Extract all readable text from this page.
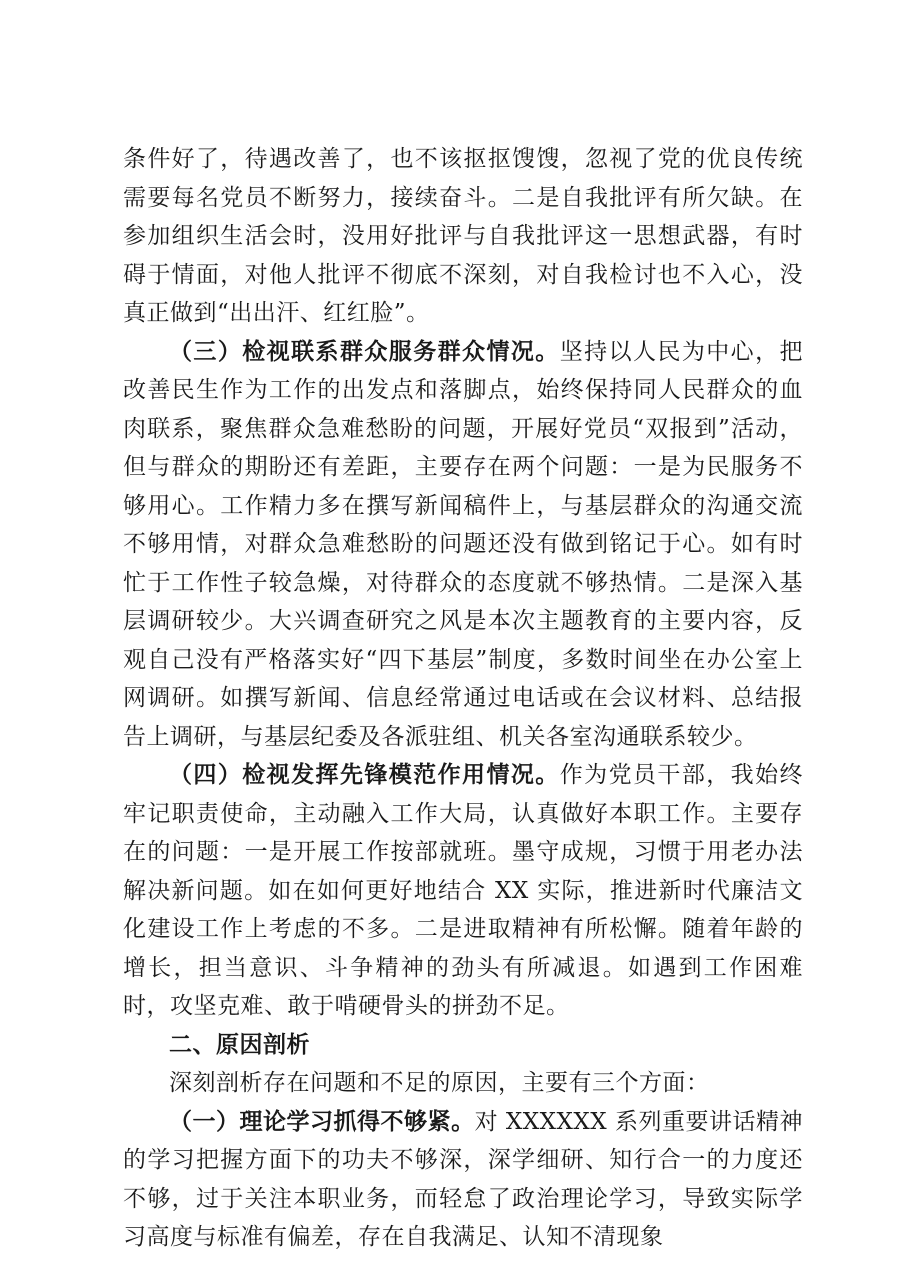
条件好了，待遇改善了，也不该抠抠馊馊，忽视了党的优良传统需要每名党员不断努力，接续奋斗。二是自我批评有所欠缺。在参加组织生活会时，没用好批评与自我批评这一思想武器，有时碍于情面，对他人批评不彻底不深刻，对自我检讨也不入心，没真正做到“出出汗、红红脸”。

（三）检视联系群众服务群众情况。坚持以人民为中心，把改善民生作为工作的出发点和落脚点，始终保持同人民群众的血肉联系，聚焦群众急难愁盼的问题，开展好党员“双报到”活动，但与群众的期盼还有差距，主要存在两个问题：一是为民服务不够用心。工作精力多在撰写新闻稿件上，与基层群众的沟通交流不够用情，对群众急难愁盼的问题还没有做到铭记于心。如有时忙于工作性子较急燥，对待群众的态度就不够热情。二是深入基层调研较少。大兴调查研究之风是本次主题教育的主要内容，反观自己没有严格落实好“四下基层”制度，多数时间坐在办公室上网调研。如撰写新闻、信息经常通过电话或在会议材料、总结报告上调研，与基层纪委及各派驻组、机关各室沟通联系较少。

（四）检视发挥先锋模范作用情况。作为党员干部，我始终牢记职责使命，主动融入工作大局，认真做好本职工作。主要存在的问题：一是开展工作按部就班。墨守成规，习惯于用老办法解决新问题。如在如何更好地结合 XX 实际，推进新时代廉洁文化建设工作上考虑的不多。二是进取精神有所松懈。随着年龄的增长，担当意识、斗争精神的劲头有所减退。如遇到工作困难时，攻坚克难、敢于啃硬骨头的拼劲不足。

二、原因剖析

深刻剖析存在问题和不足的原因，主要有三个方面：

（一）理论学习抓得不够紧。对 XXXXXX 系列重要讲话精神的学习把握方面下的功夫不够深，深学细研、知行合一的力度还不够，过于关注本职业务，而轻怠了政治理论学习，导致实际学习高度与标准有偏差，存在自我满足、认知不清现象
